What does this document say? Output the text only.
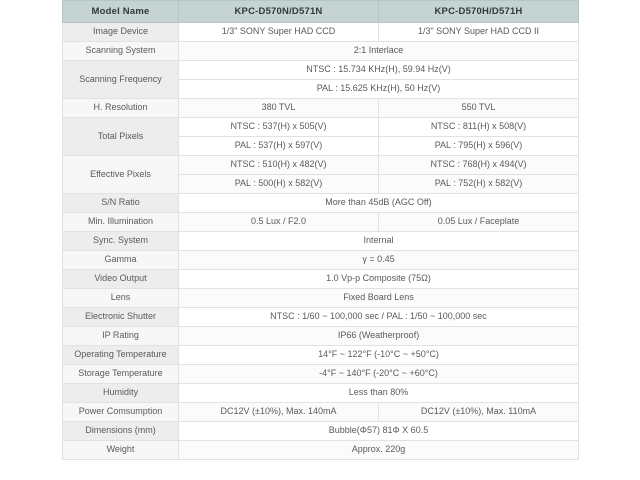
Model Name	KPC-D570N/D571N	KPC-D570H/D571H
Image Device	1/3" SONY Super HAD CCD	1/3" SONY Super HAD CCD II
Scanning System	2:1 Interlace	
Scanning Frequency	NTSC : 15.734 KHz(H), 59.94 Hz(V)	
	PAL : 15.625 KHz(H), 50 Hz(V)	
H. Resolution	380 TVL	550 TVL
Total Pixels	NTSC : 537(H) x 505(V)	NTSC : 811(H) x 508(V)
	PAL : 537(H) x 597(V)	PAL : 795(H) x 596(V)
Effective Pixels	NTSC : 510(H) x 482(V)	NTSC : 768(H) x 494(V)
	PAL : 500(H) x 582(V)	PAL : 752(H) x 582(V)
S/N Ratio	More than 45dB (AGC Off)	
Min. Illumination	0.5 Lux / F2.0	0.05 Lux / Faceplate
Sync. System	Internal	
Gamma	γ = 0.45	
Video Output	1.0 Vp-p Composite (75Ω)	
Lens	Fixed Board Lens	
Electronic Shutter	NTSC : 1/60 ~ 100,000 sec / PAL : 1/50 ~ 100,000 sec	
IP Rating	IP66 (Weatherproof)	
Operating Temperature	14°F ~ 122°F (-10°C ~ +50°C)	
Storage Temperature	-4°F ~ 140°F (-20°C ~ +60°C)	
Humidity	Less than 80%	
Power Comsumption	DC12V (±10%), Max. 140mA	DC12V (±10%), Max. 110mA
Dimensions (mm)	Bubble(Φ57) 81Φ X 60.5	
Weight	Approx. 220g	
